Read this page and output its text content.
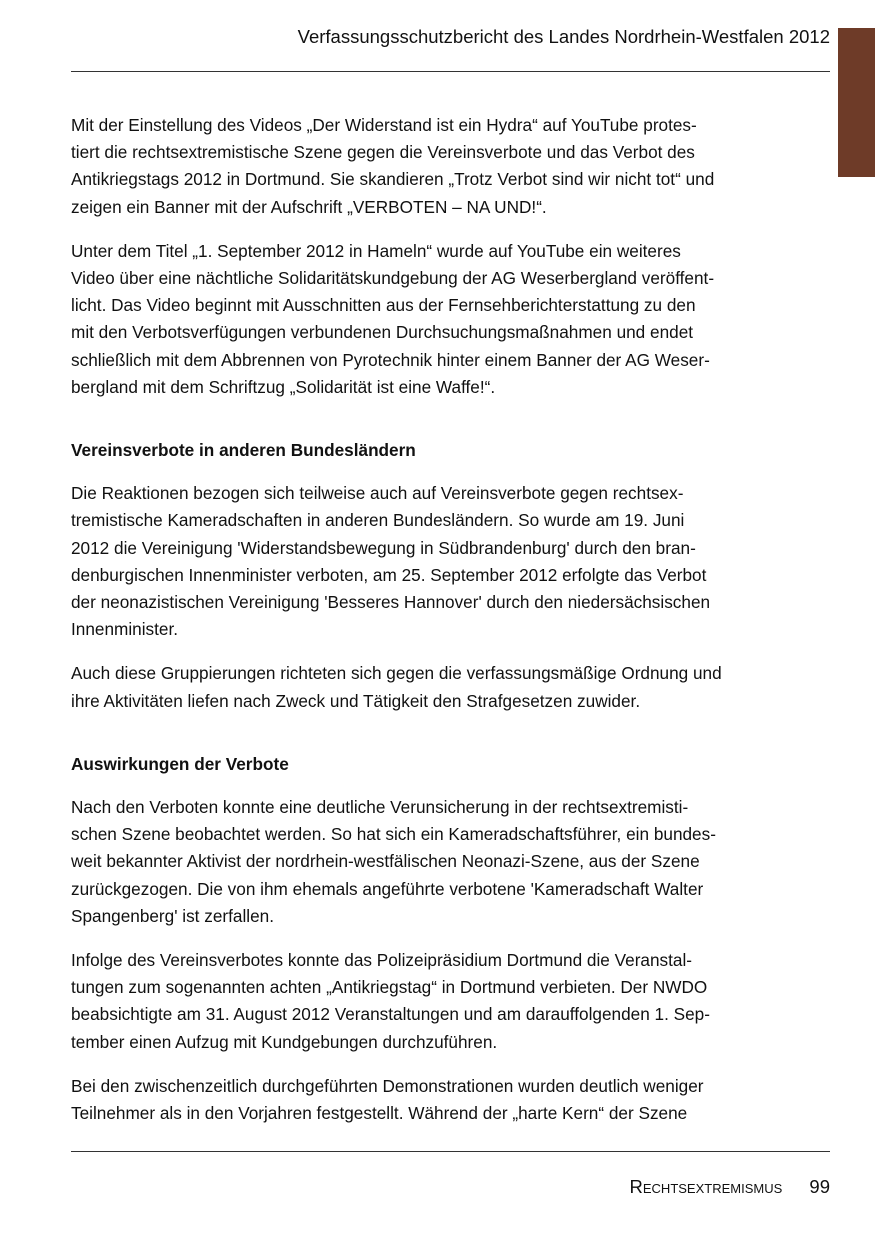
Verfassungsschutzbericht des Landes Nordrhein-Westfalen 2012

Mit der Einstellung des Videos „Der Widerstand ist ein Hydra“ auf YouTube protes-
tiert die rechtsextremistische Szene gegen die Vereinsverbote und das Verbot des
Antikriegstags 2012 in Dortmund. Sie skandieren „Trotz Verbot sind wir nicht tot“ und
zeigen ein Banner mit der Aufschrift „VERBOTEN – NA UND!“.

Unter dem Titel „1. September 2012 in Hameln“ wurde auf YouTube ein weiteres
Video über eine nächtliche Solidaritätskundgebung der AG Weserbergland veröffent-
licht. Das Video beginnt mit Ausschnitten aus der Fernsehberichterstattung zu den
mit den Verbotsverfügungen verbundenen Durchsuchungsmaßnahmen und endet
schließlich mit dem Abbrennen von Pyrotechnik hinter einem Banner der AG Weser-
bergland mit dem Schriftzug „Solidarität ist eine Waffe!“.

Vereinsverbote in anderen Bundesländern

Die Reaktionen bezogen sich teilweise auch auf Vereinsverbote gegen rechtsex-
tremistische Kameradschaften in anderen Bundesländern. So wurde am 19. Juni
2012 die Vereinigung 'Widerstandsbewegung in Südbrandenburg' durch den bran-
denburgischen Innenminister verboten, am 25. September 2012 erfolgte das Verbot
der neonazistischen Vereinigung 'Besseres Hannover' durch den niedersächsischen
Innenminister.

Auch diese Gruppierungen richteten sich gegen die verfassungsmäßige Ordnung und
ihre Aktivitäten liefen nach Zweck und Tätigkeit den Strafgesetzen zuwider.

Auswirkungen der Verbote

Nach den Verboten konnte eine deutliche Verunsicherung in der rechtsextremisti-
schen Szene beobachtet werden. So hat sich ein Kameradschaftsführer, ein bundes-
weit bekannter Aktivist der nordrhein-westfälischen Neonazi-Szene, aus der Szene
zurückgezogen. Die von ihm ehemals angeführte verbotene 'Kameradschaft Walter
Spangenberg' ist zerfallen.

Infolge des Vereinsverbotes konnte das Polizeipräsidium Dortmund die Veranstal-
tungen zum sogenannten achten „Antikriegstag“ in Dortmund verbieten. Der NWDO
beabsichtigte am 31. August 2012 Veranstaltungen und am darauffolgenden 1. Sep-
tember einen Aufzug mit Kundgebungen durchzuführen.

Bei den zwischenzeitlich durchgeführten Demonstrationen wurden deutlich weniger
Teilnehmer als in den Vorjahren festgestellt. Während der „harte Kern“ der Szene

Rechtsextremismus 99
